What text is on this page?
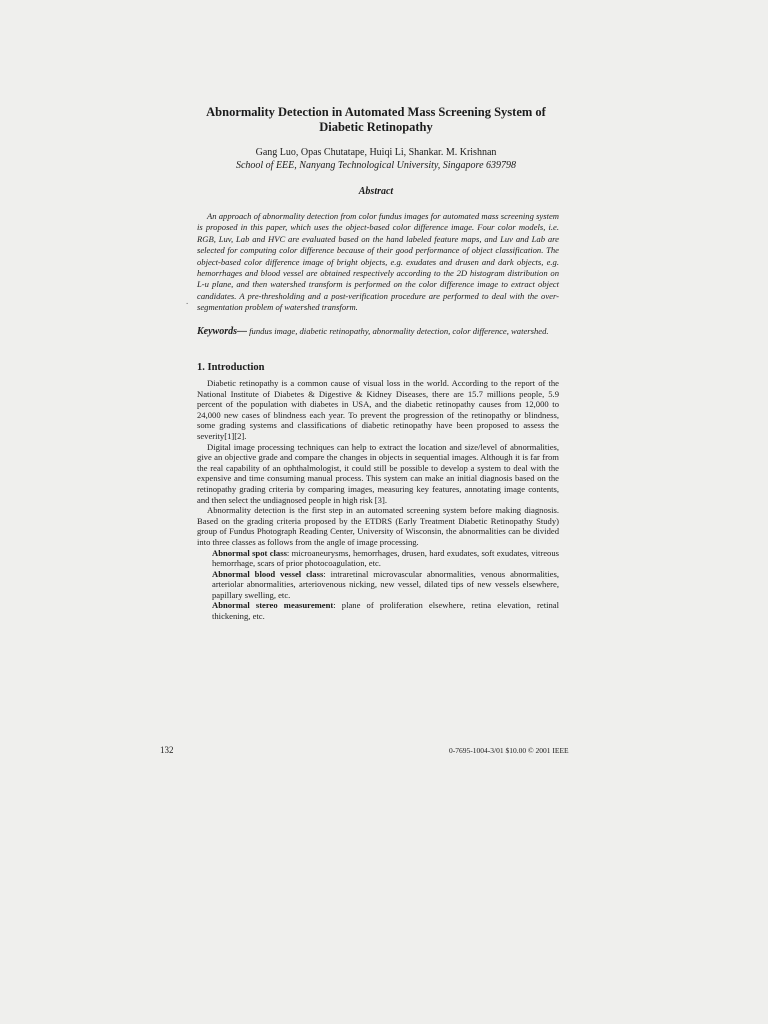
Abnormality Detection in Automated Mass Screening System of
Diabetic Retinopathy
Gang Luo, Opas Chutatape, Huiqi Li, Shankar. M. Krishnan
School of EEE, Nanyang Technological University, Singapore 639798
Abstract
An approach of abnormality detection from color fundus images for automated mass screening system is proposed in this paper, which uses the object-based color difference image. Four color models, i.e. RGB, Luv, Lab and HVC are evaluated based on the hand labeled feature maps, and Luv and Lab are selected for computing color difference because of their good performance of object classification. The object-based color difference image of bright objects, e.g. exudates and drusen and dark objects, e.g. hemorrhages and blood vessel are obtained respectively according to the 2D histogram distribution on L-u plane, and then watershed transform is performed on the color difference image to extract object candidates. A pre-thresholding and a post-verification procedure are performed to deal with the over-segmentation problem of watershed transform.
.
Keywords— fundus image, diabetic retinopathy, abnormality detection, color difference, watershed.
1. Introduction

Diabetic retinopathy is a common cause of visual loss in the world. According to the report of the National Institute of Diabetes & Digestive & Kidney Diseases, there are 15.7 millions people, 5.9 percent of the population with diabetes in USA, and the diabetic retinopathy causes from 12,000 to 24,000 new cases of blindness each year. To prevent the progression of the retinopathy or blindness, some grading systems and classifications of diabetic retinopathy have been proposed to assess the severity[1][2].

Digital image processing techniques can help to extract the location and size/level of abnormalities, give an objective grade and compare the changes in objects in sequential images. Although it is far from the real capability of an ophthalmologist, it could still be possible to develop a system to deal with the expensive and time consuming manual process. This system can make an initial diagnosis based on the retinopathy grading criteria by comparing images, measuring key features, annotating image contents, and then select the undiagnosed people in high risk [3].

Abnormality detection is the first step in an automated screening system before making diagnosis. Based on the grading criteria proposed by the ETDRS (Early Treatment Diabetic Retinopathy Study) group of Fundus Photograph Reading Center, University of Wisconsin, the abnormalities can be divided into three classes as follows from the angle of image processing.

Abnormal spot class: microaneurysms, hemorrhages, drusen, hard exudates, soft exudates, vitreous hemorrhage, scars of prior photocoagulation, etc.

Abnormal blood vessel class: intraretinal microvascular abnormalities, venous abnormalities, arteriolar abnormalities, arteriovenous nicking, new vessel, dilated tips of new vessels elsewhere, papillary swelling, etc.

Abnormal stereo measurement: plane of proliferation elsewhere, retina elevation, retinal thickening, etc.

132	0-7695-1004-3/01 $10.00 © 2001 IEEE
